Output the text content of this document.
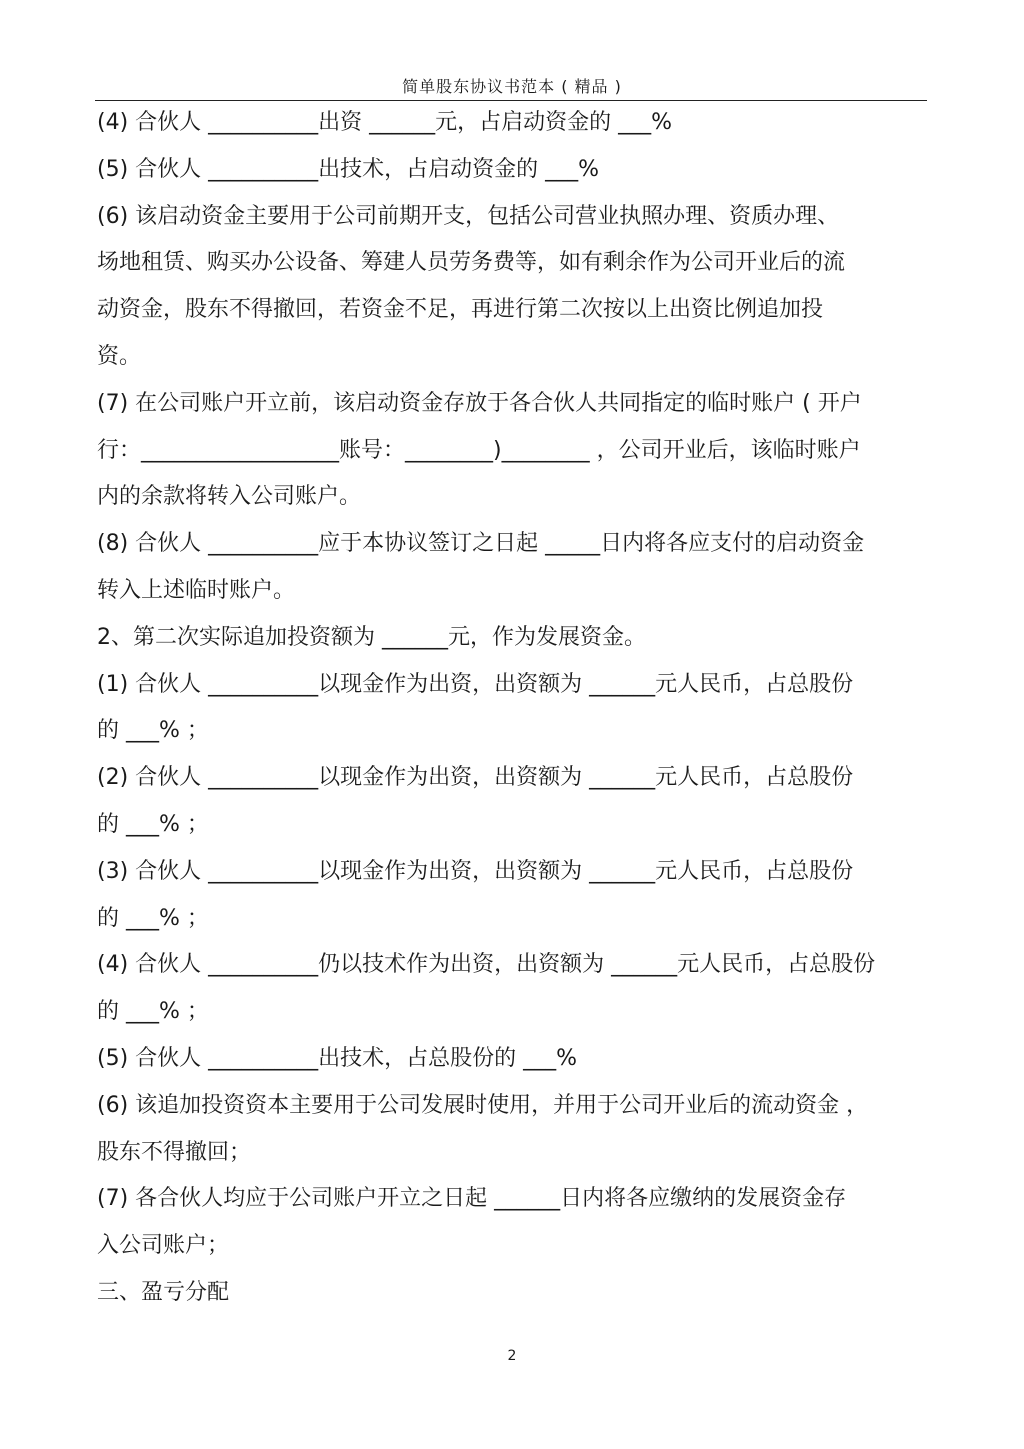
简单股东协议书范本 ( 精品 )
(4) 合伙人 __________出资 ______元，占启动资金的 ___%
(5) 合伙人 __________出技术，占启动资金的 ___%
(6) 该启动资金主要用于公司前期开支，包括公司营业执照办理、资质办理、
场地租赁、购买办公设备、筹建人员劳务费等，如有剩余作为公司开业后的流
动资金，股东不得撤回，若资金不足，再进行第二次按以上出资比例追加投
资。
(7) 在公司账户开立前，该启动资金存放于各合伙人共同指定的临时账户 ( 开户
行：__________________账号：________)________ ，公司开业后，该临时账户
内的余款将转入公司账户。
(8) 合伙人 __________应于本协议签订之日起 _____日内将各应支付的启动资金
转入上述临时账户。
2、第二次实际追加投资额为 ______元，作为发展资金。
(1) 合伙人 __________以现金作为出资，出资额为 ______元人民币，占总股份
的 ___% ；
(2) 合伙人 __________以现金作为出资，出资额为 ______元人民币，占总股份
的 ___% ；
(3) 合伙人 __________以现金作为出资，出资额为 ______元人民币，占总股份
的 ___% ；
(4) 合伙人 __________仍以技术作为出资，出资额为 ______元人民币，占总股份
的 ___% ；
(5) 合伙人 __________出技术，占总股份的 ___%
(6) 该追加投资资本主要用于公司发展时使用，并用于公司开业后的流动资金 ，
股东不得撤回；
(7) 各合伙人均应于公司账户开立之日起 ______日内将各应缴纳的发展资金存
入公司账户；
三、盈亏分配
2
